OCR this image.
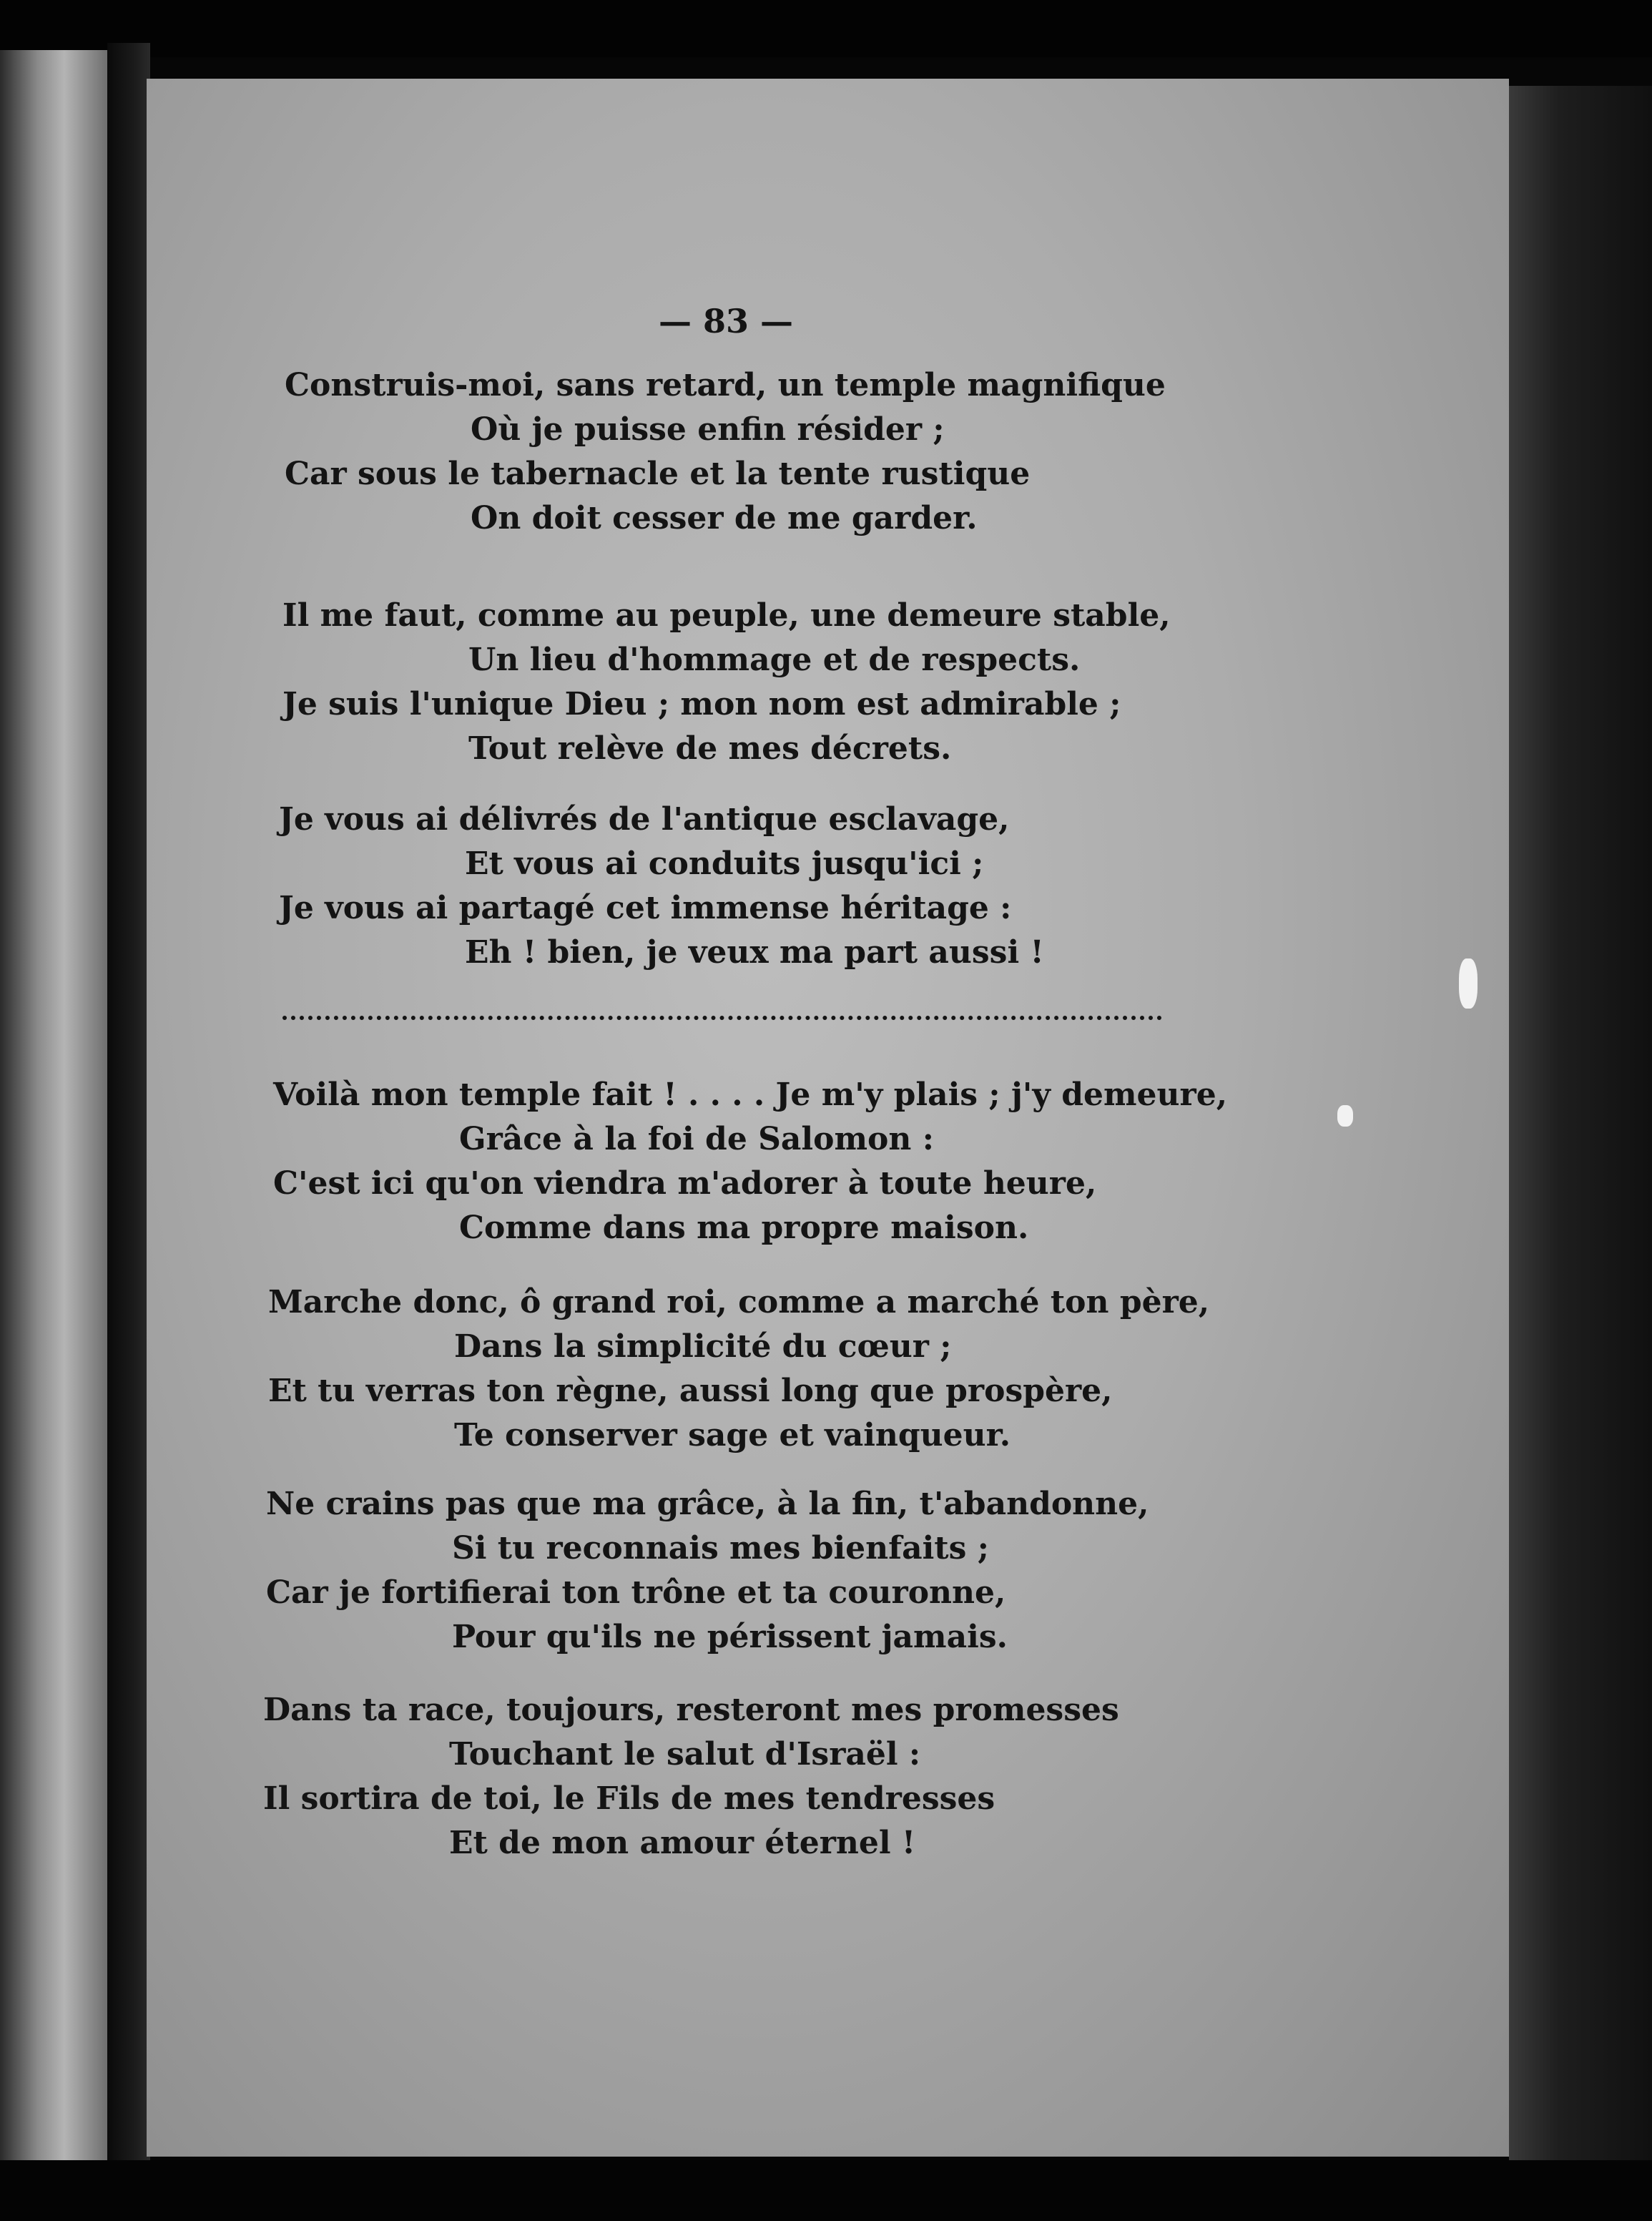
— 83 —
Construis-moi, sans retard, un temple magnifique
Où je puisse enfin résider ;
Car sous le tabernacle et la tente rustique
On doit cesser de me garder.
Il me faut, comme au peuple, une demeure stable,
Un lieu d'hommage et de respects.
Je suis l'unique Dieu ; mon nom est admirable ;
Tout relève de mes décrets.
Je vous ai délivrés de l'antique esclavage,
Et vous ai conduits jusqu'ici ;
Je vous ai partagé cet immense héritage :
Eh ! bien, je veux ma part aussi !
Voilà mon temple fait ! . . . . Je m'y plais ; j'y demeure,
Grâce à la foi de Salomon :
C'est ici qu'on viendra m'adorer à toute heure,
Comme dans ma propre maison.
Marche donc, ô grand roi, comme a marché ton père,
Dans la simplicité du cœur ;
Et tu verras ton règne, aussi long que prospère,
Te conserver sage et vainqueur.
Ne crains pas que ma grâce, à la fin, t'abandonne,
Si tu reconnais mes bienfaits ;
Car je fortifierai ton trône et ta couronne,
Pour qu'ils ne périssent jamais.
Dans ta race, toujours, resteront mes promesses
Touchant le salut d'Israël :
Il sortira de toi, le Fils de mes tendresses
Et de mon amour éternel !
